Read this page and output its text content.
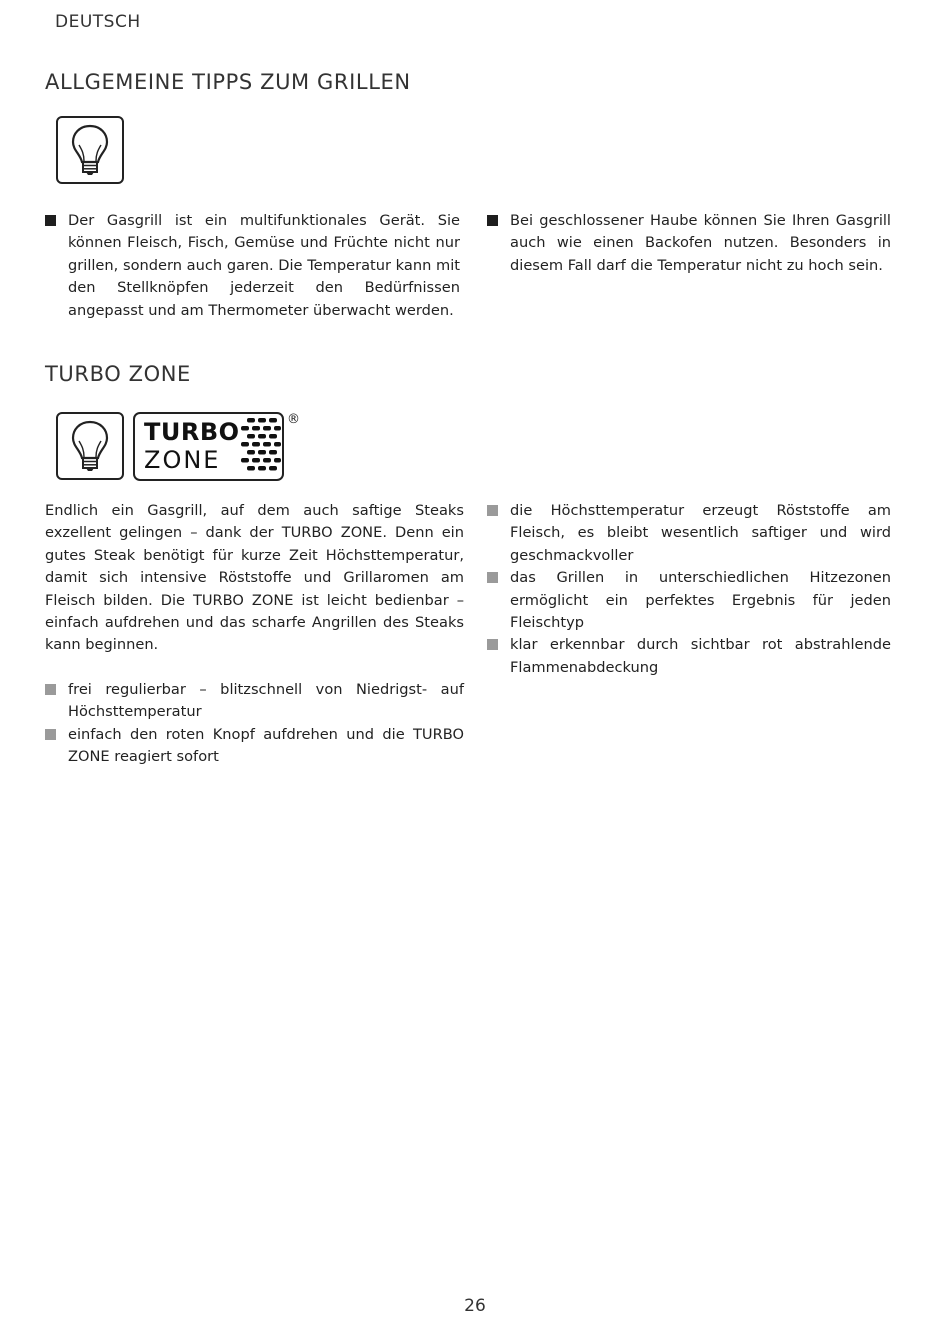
DEUTSCH
ALLGEMEINE TIPPS ZUM GRILLEN
Der Gasgrill ist ein multifunktionales Gerät. Sie können Fleisch, Fisch, Gemüse und Früchte nicht nur grillen, sondern auch garen. Die Temperatur kann mit den Stellknöpfen jederzeit den Bedürfnissen angepasst und am Thermometer überwacht werden.
Bei geschlossener Haube können Sie Ihren Gasgrill auch wie einen Backofen nutzen. Besonders in diesem Fall darf die Temperatur nicht zu hoch sein.
TURBO ZONE
TURBO
ZONE
®

Endlich ein Gasgrill, auf dem auch saftige Steaks exzellent gelingen – dank der TURBO ZONE. Denn ein gutes Steak benötigt für kurze Zeit Höchsttemperatur, damit sich intensive Röststoffe und Grillaromen am Fleisch bilden. Die TURBO ZONE ist leicht bedienbar – einfach aufdrehen und das scharfe Angrillen des Steaks kann beginnen.

frei regulierbar – blitzschnell von Niedrigst- auf Höchsttemperatur
einfach den roten Knopf aufdrehen und die TURBO ZONE reagiert sofort
die Höchsttemperatur erzeugt Röststoffe am Fleisch, es bleibt wesentlich saftiger und wird geschmackvoller
das Grillen in unterschiedlichen Hitzezonen ermöglicht ein perfektes Ergebnis für jeden Fleischtyp
klar erkennbar durch sichtbar rot abstrahlende Flammenabdeckung
26
